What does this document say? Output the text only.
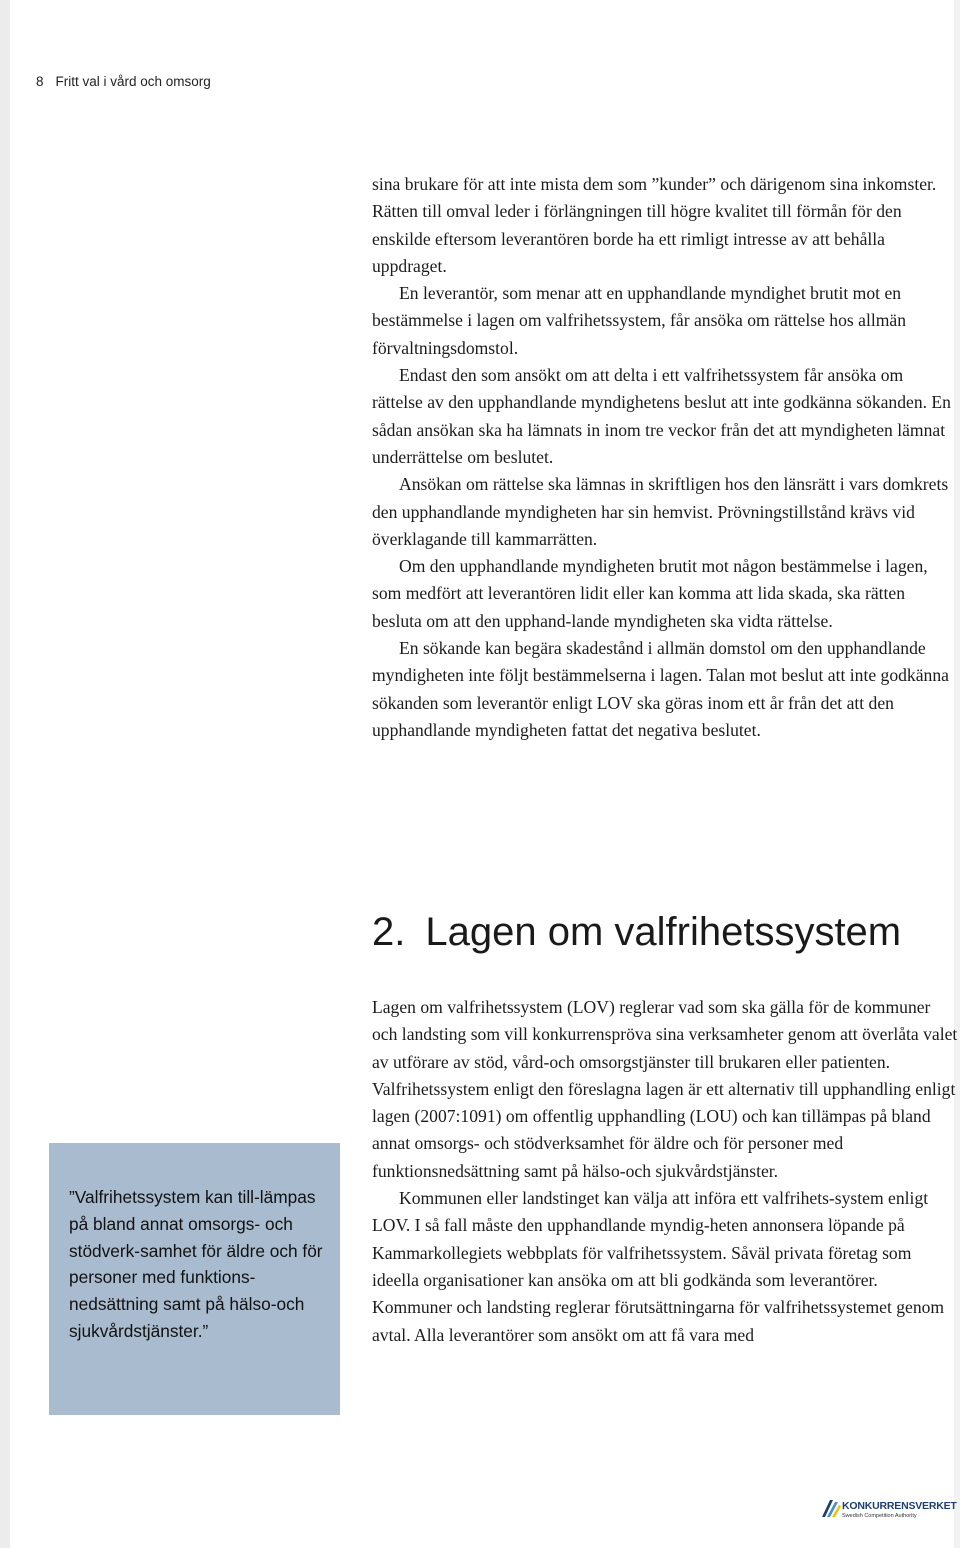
8 Fritt val i vård och omsorg

sina brukare för att inte mista dem som ”kunder” och därigenom sina inkomster. Rätten till omval leder i förlängningen till högre kvalitet till förmån för den enskilde eftersom leverantören borde ha ett rimligt intresse av att behålla uppdraget.

En leverantör, som menar att en upphandlande myndighet brutit mot en bestämmelse i lagen om valfrihetssystem, får ansöka om rättelse hos allmän förvaltningsdomstol.

Endast den som ansökt om att delta i ett valfrihetssystem får ansöka om rättelse av den upphandlande myndighetens beslut att inte godkänna sökanden. En sådan ansökan ska ha lämnats in inom tre veckor från det att myndigheten lämnat underrättelse om beslutet.

Ansökan om rättelse ska lämnas in skriftligen hos den länsrätt i vars domkrets den upphandlande myndigheten har sin hemvist. Prövningstillstånd krävs vid överklagande till kammarrätten.

Om den upphandlande myndigheten brutit mot någon bestämmelse i lagen, som medfört att leverantören lidit eller kan komma att lida skada, ska rätten besluta om att den upphand-lande myndigheten ska vidta rättelse.

En sökande kan begära skadestånd i allmän domstol om den upphandlande myndigheten inte följt bestämmelserna i lagen. Talan mot beslut att inte godkänna sökanden som leverantör enligt LOV ska göras inom ett år från det att den upphandlande myndigheten fattat det negativa beslutet.

2. Lagen om valfrihetssystem

Lagen om valfrihetssystem (LOV) reglerar vad som ska gälla för de kommuner och landsting som vill konkurrenspröva sina verksamheter genom att överlåta valet av utförare av stöd, vård-och omsorgstjänster till brukaren eller patienten. Valfrihetssystem enligt den föreslagna lagen är ett alternativ till upphandling enligt lagen (2007:1091) om offentlig upphandling (LOU) och kan tillämpas på bland annat omsorgs- och stödverksamhet för äldre och för personer med funktionsnedsättning samt på hälso-och sjukvårdstjänster.

Kommunen eller landstinget kan välja att införa ett valfrihets-system enligt LOV. I så fall måste den upphandlande myndig-heten annonsera löpande på Kammarkollegiets webbplats för valfrihetssystem. Såväl privata företag som ideella organisationer kan ansöka om att bli godkända som leverantörer. Kommuner och landsting reglerar förutsättningarna för valfrihetssystemet genom avtal. Alla leverantörer som ansökt om att få vara med

”Valfrihetssystem kan till-lämpas på bland annat omsorgs- och stödverk-samhet för äldre och för personer med funktions-nedsättning samt på hälso-och sjukvårdstjänster.”

KONKURRENSVERKET
Swedish Competition Authority
